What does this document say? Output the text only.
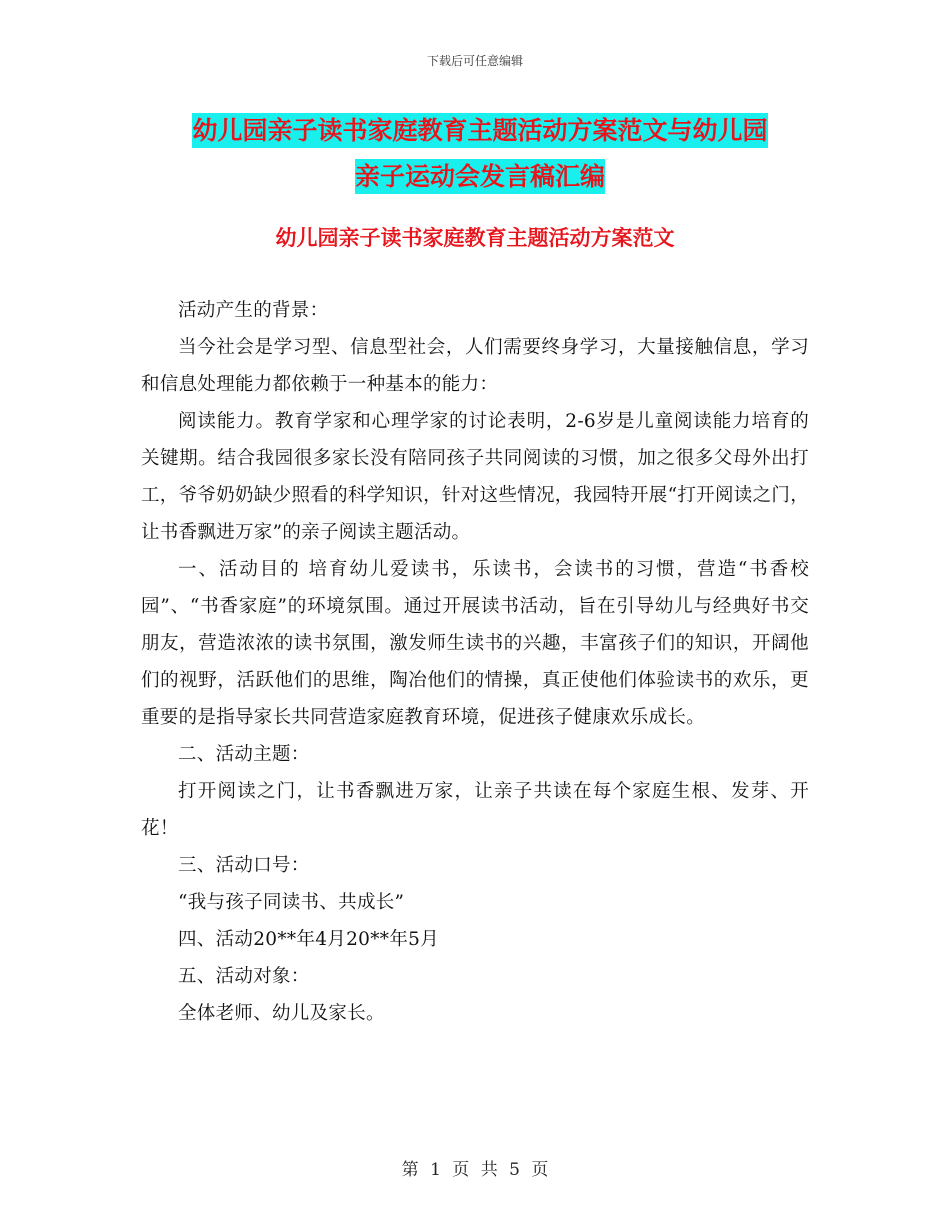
下载后可任意编辑
幼儿园亲子读书家庭教育主题活动方案范文与幼儿园
亲子运动会发言稿汇编
幼儿园亲子读书家庭教育主题活动方案范文

活动产生的背景：

当今社会是学习型、信息型社会，人们需要终身学习，大量接触信息，学习和信息处理能力都依赖于一种基本的能力：

阅读能力。教育学家和心理学家的讨论表明，2-6岁是儿童阅读能力培育的关键期。结合我园很多家长没有陪同孩子共同阅读的习惯，加之很多父母外出打工，爷爷奶奶缺少照看的科学知识，针对这些情况，我园特开展“打开阅读之门，让书香飘进万家”的亲子阅读主题活动。

一、活动目的 培育幼儿爱读书，乐读书，会读书的习惯，营造“书香校园”、“书香家庭”的环境氛围。通过开展读书活动，旨在引导幼儿与经典好书交朋友，营造浓浓的读书氛围，激发师生读书的兴趣，丰富孩子们的知识，开阔他们的视野，活跃他们的思维，陶冶他们的情操，真正使他们体验读书的欢乐，更重要的是指导家长共同营造家庭教育环境，促进孩子健康欢乐成长。

二、活动主题：

打开阅读之门，让书香飘进万家，让亲子共读在每个家庭生根、发芽、开花！

三、活动口号：

“我与孩子同读书、共成长”

四、活动20**年4月20**年5月

五、活动对象：

全体老师、幼儿及家长。

第 1 页 共 5 页
